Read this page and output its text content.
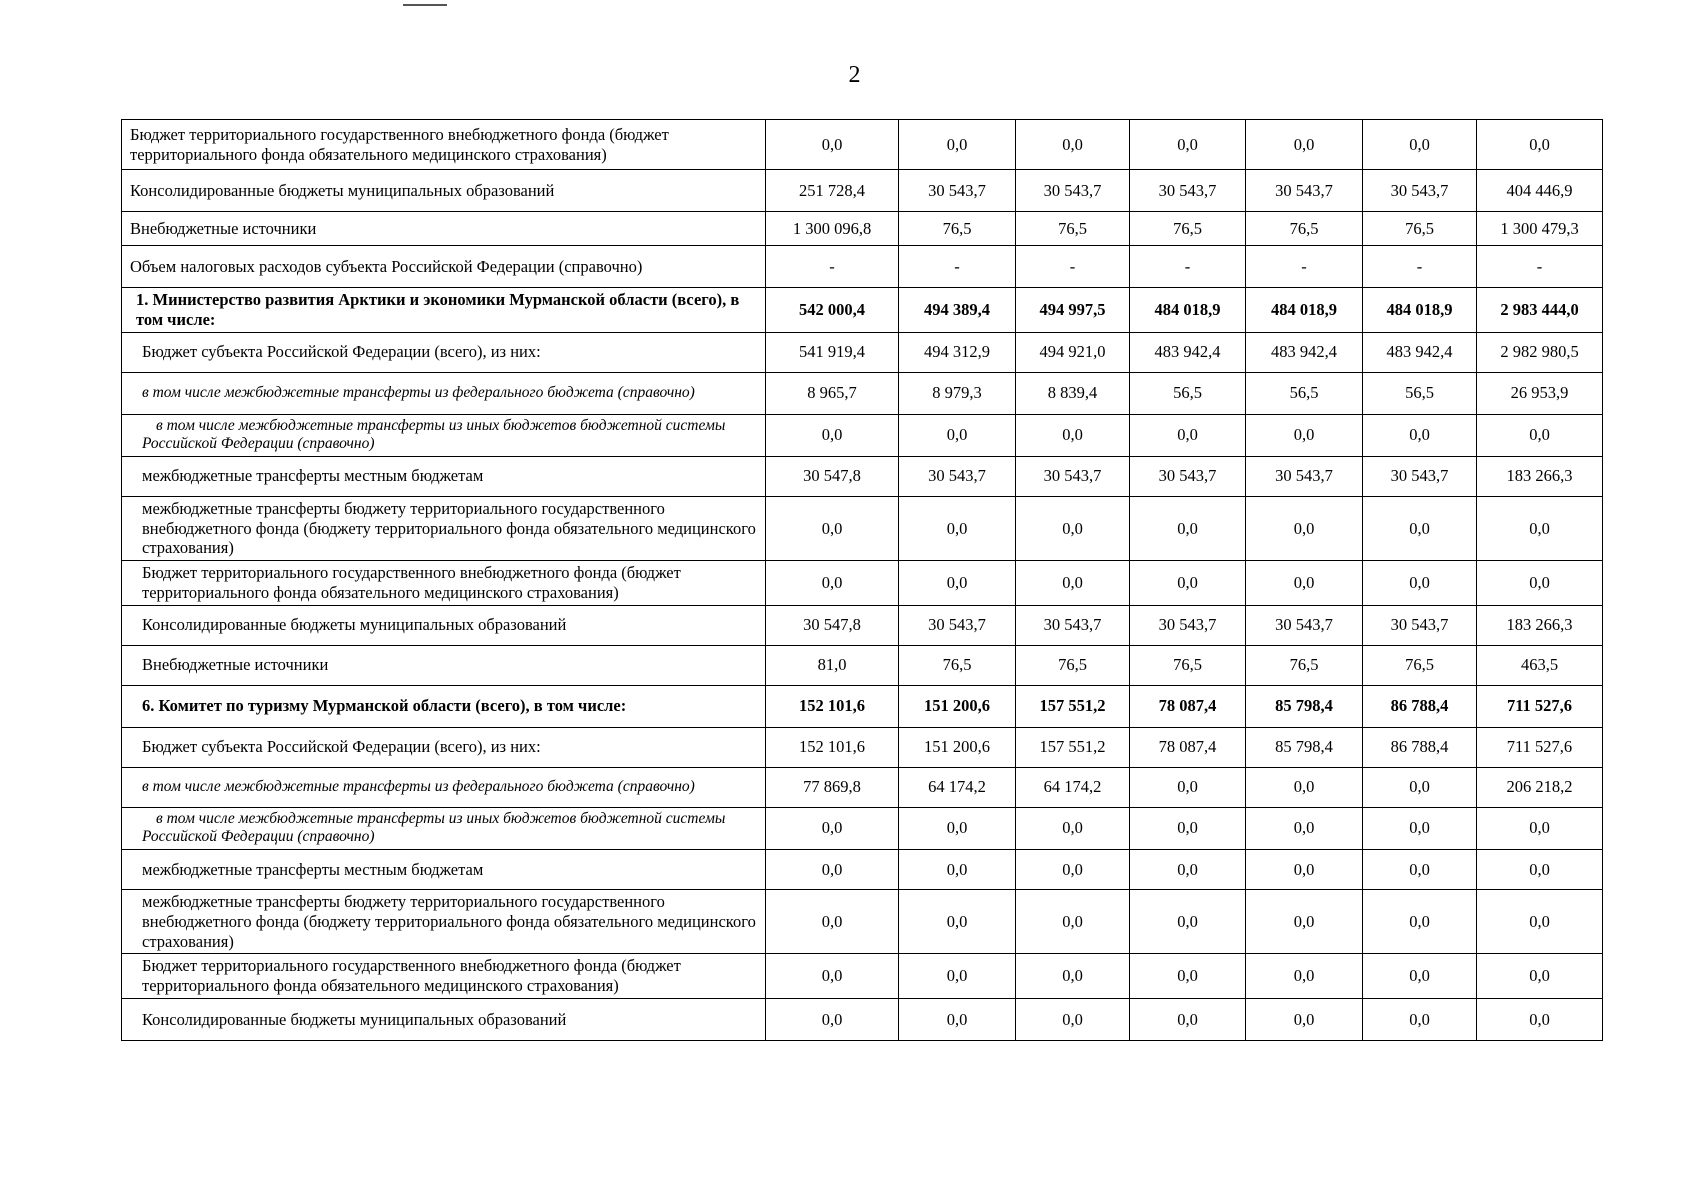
2
Бюджет территориального государственного внебюджетного фонда (бюджет территориального фонда обязательного медицинского страхования)	0,0	0,0	0,0	0,0	0,0	0,0	0,0
Консолидированные бюджеты муниципальных образований	251 728,4	30 543,7	30 543,7	30 543,7	30 543,7	30 543,7	404 446,9
Внебюджетные источники	1 300 096,8	76,5	76,5	76,5	76,5	76,5	1 300 479,3
Объем налоговых расходов субъекта Российской Федерации (справочно)	-	-	-	-	-	-	-
1. Министерство развития Арктики и экономики Мурманской области (всего), в том числе:	542 000,4	494 389,4	494 997,5	484 018,9	484 018,9	484 018,9	2 983 444,0
Бюджет субъекта Российской Федерации (всего), из них:	541 919,4	494 312,9	494 921,0	483 942,4	483 942,4	483 942,4	2 982 980,5
в том числе межбюджетные трансферты из федерального бюджета (справочно)	8 965,7	8 979,3	8 839,4	56,5	56,5	56,5	26 953,9
в том числе межбюджетные трансферты из иных бюджетов бюджетной системы Российской Федерации (справочно)	0,0	0,0	0,0	0,0	0,0	0,0	0,0
межбюджетные трансферты местным бюджетам	30 547,8	30 543,7	30 543,7	30 543,7	30 543,7	30 543,7	183 266,3
межбюджетные трансферты бюджету территориального государственного внебюджетного фонда (бюджету территориального фонда обязательного медицинского страхования)	0,0	0,0	0,0	0,0	0,0	0,0	0,0
Бюджет территориального государственного внебюджетного фонда (бюджет территориального фонда обязательного медицинского страхования)	0,0	0,0	0,0	0,0	0,0	0,0	0,0
Консолидированные бюджеты муниципальных образований	30 547,8	30 543,7	30 543,7	30 543,7	30 543,7	30 543,7	183 266,3
Внебюджетные источники	81,0	76,5	76,5	76,5	76,5	76,5	463,5
6. Комитет по туризму Мурманской области (всего), в том числе:	152 101,6	151 200,6	157 551,2	78 087,4	85 798,4	86 788,4	711 527,6
Бюджет субъекта Российской Федерации (всего), из них:	152 101,6	151 200,6	157 551,2	78 087,4	85 798,4	86 788,4	711 527,6
в том числе межбюджетные трансферты из федерального бюджета (справочно)	77 869,8	64 174,2	64 174,2	0,0	0,0	0,0	206 218,2
в том числе межбюджетные трансферты из иных бюджетов бюджетной системы Российской Федерации (справочно)	0,0	0,0	0,0	0,0	0,0	0,0	0,0
межбюджетные трансферты местным бюджетам	0,0	0,0	0,0	0,0	0,0	0,0	0,0
межбюджетные трансферты бюджету территориального государственного внебюджетного фонда (бюджету территориального фонда обязательного медицинского страхования)	0,0	0,0	0,0	0,0	0,0	0,0	0,0
Бюджет территориального государственного внебюджетного фонда (бюджет территориального фонда обязательного медицинского страхования)	0,0	0,0	0,0	0,0	0,0	0,0	0,0
Консолидированные бюджеты муниципальных образований	0,0	0,0	0,0	0,0	0,0	0,0	0,0
